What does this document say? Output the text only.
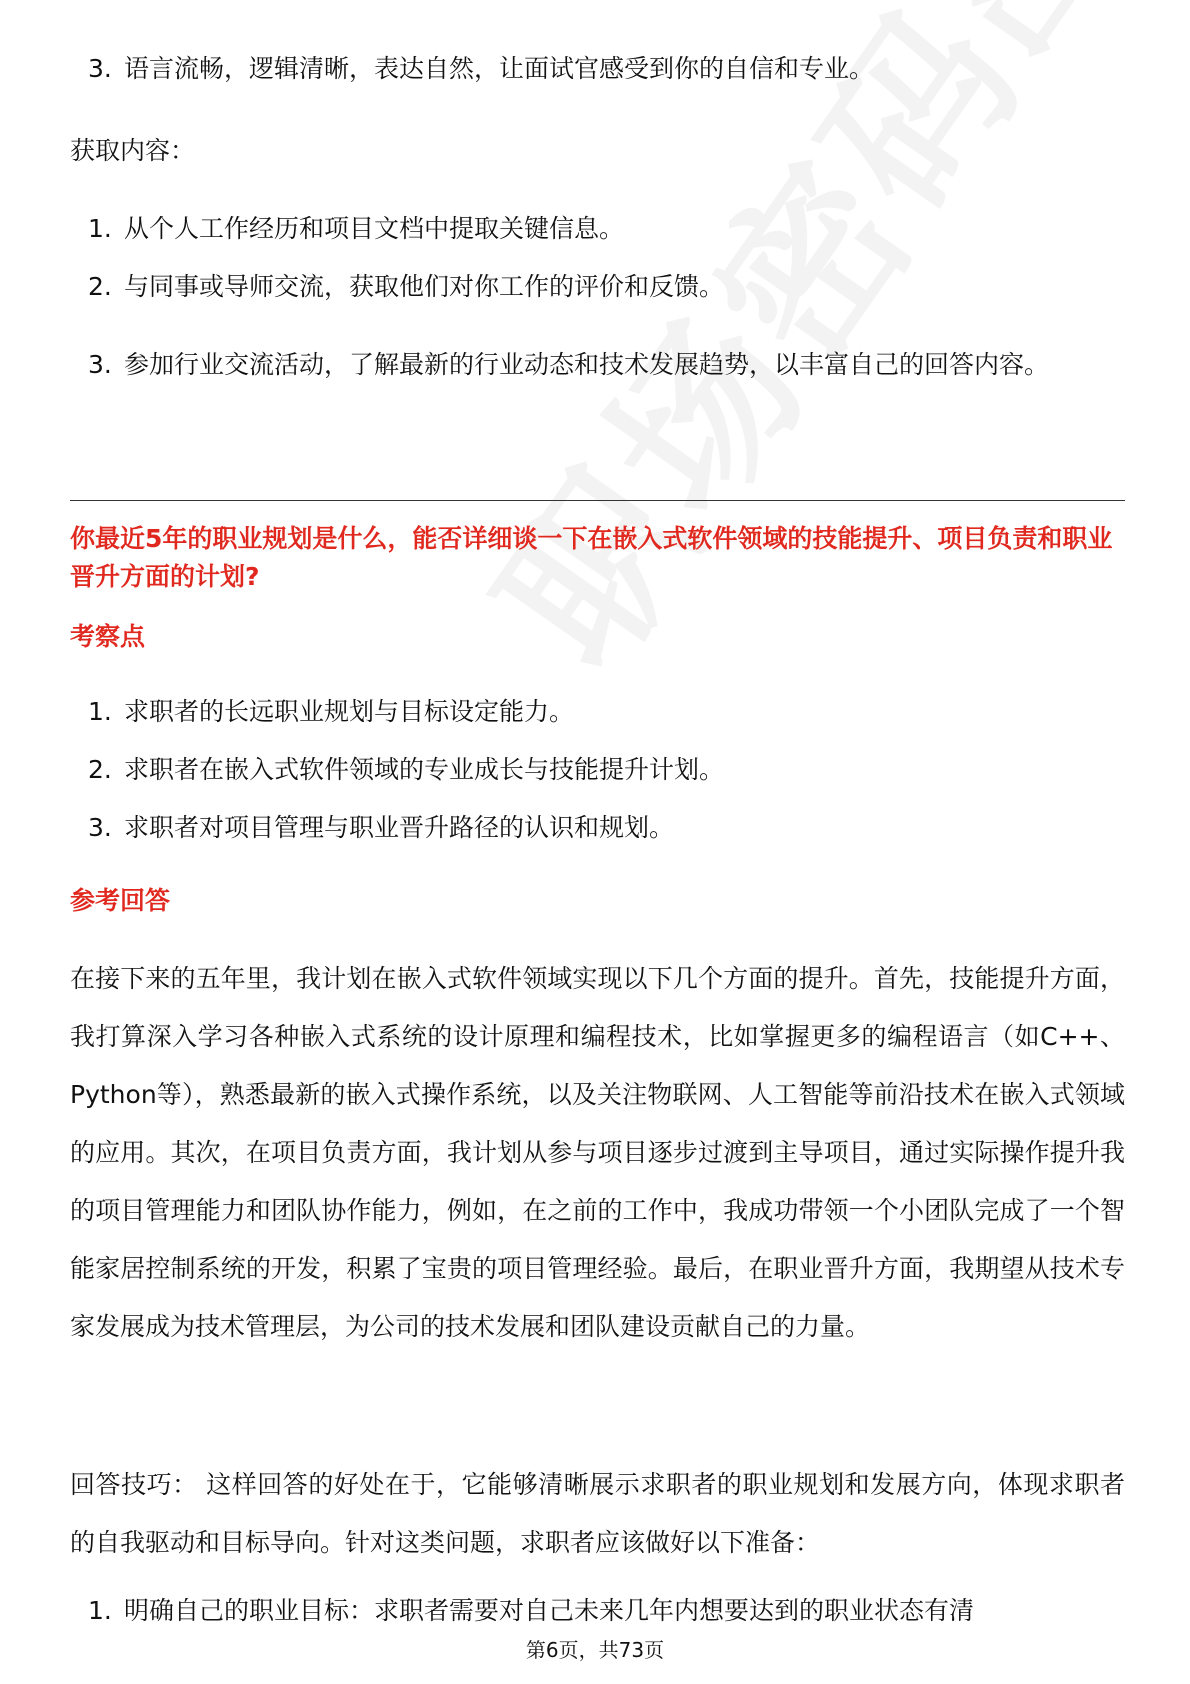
3. 语言流畅，逻辑清晰，表达自然，让面试官感受到你的自信和专业。
获取内容：
1. 从个人工作经历和项目文档中提取关键信息。
2. 与同事或导师交流，获取他们对你工作的评价和反馈。
3. 参加行业交流活动，了解最新的行业动态和技术发展趋势，以丰富自己的回答内容。
你最近5年的职业规划是什么，能否详细谈一下在嵌入式软件领域的技能提升、项目负责和职业晋升方面的计划?
考察点
1. 求职者的长远职业规划与目标设定能力。
2. 求职者在嵌入式软件领域的专业成长与技能提升计划。
3. 求职者对项目管理与职业晋升路径的认识和规划。
参考回答
在接下来的五年里，我计划在嵌入式软件领域实现以下几个方面的提升。首先，技能提升方面，我打算深入学习各种嵌入式系统的设计原理和编程技术，比如掌握更多的编程语言（如C++、Python等），熟悉最新的嵌入式操作系统，以及关注物联网、人工智能等前沿技术在嵌入式领域的应用。其次，在项目负责方面，我计划从参与项目逐步过渡到主导项目，通过实际操作提升我的项目管理能力和团队协作能力，例如，在之前的工作中，我成功带领一个小团队完成了一个智能家居控制系统的开发，积累了宝贵的项目管理经验。最后，在职业晋升方面，我期望从技术专家发展成为技术管理层，为公司的技术发展和团队建设贡献自己的力量。
回答技巧： 这样回答的好处在于，它能够清晰展示求职者的职业规划和发展方向，体现求职者的自我驱动和目标导向。针对这类问题，求职者应该做好以下准备：
1. 明确自己的职业目标：求职者需要对自己未来几年内想要达到的职业状态有清
第6页，共73页
